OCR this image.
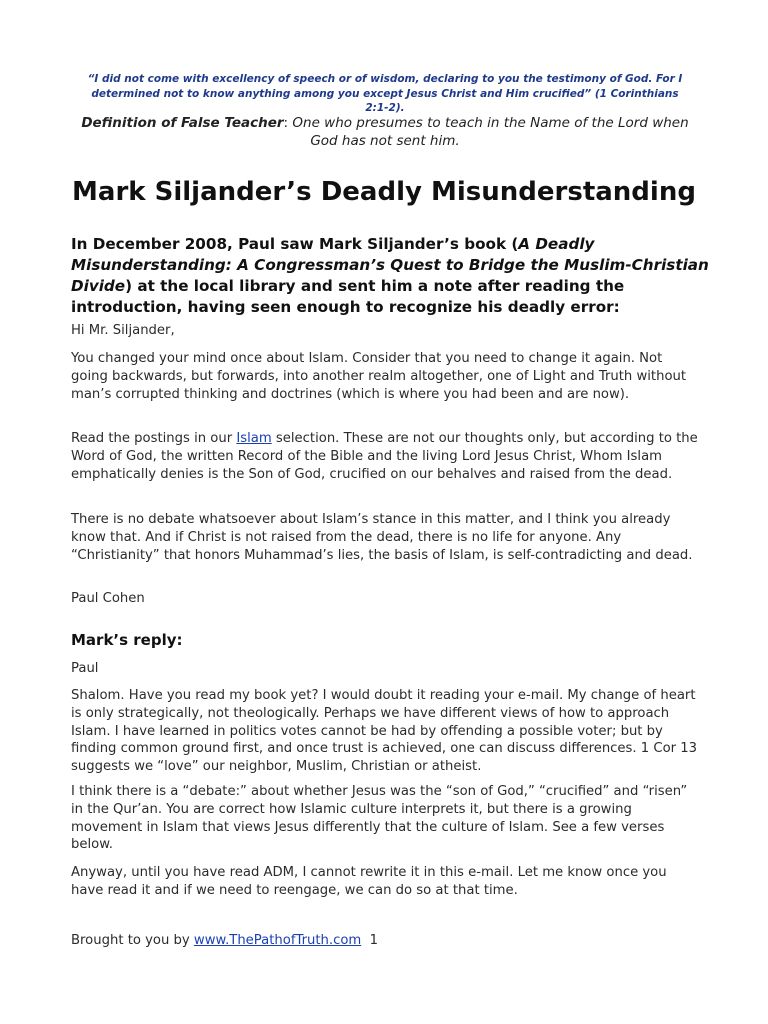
“I did not come with excellency of speech or of wisdom, declaring to you the testimony of God. For I
determined not to know anything among you except Jesus Christ and Him crucified” (1 Corinthians 2:1-2).
Definition of False Teacher: One who presumes to teach in the Name of the Lord when God has not sent him.
Mark Siljander’s Deadly Misunderstanding
In December 2008, Paul saw Mark Siljander’s book (A Deadly Misunderstanding: A Congressman’s Quest to Bridge the Muslim-Christian Divide) at the local library and sent him a note after reading the introduction, having seen enough to recognize his deadly error:

Hi Mr. Siljander,

You changed your mind once about Islam. Consider that you need to change it again. Not going backwards, but forwards, into another realm altogether, one of Light and Truth without man’s corrupted thinking and doctrines (which is where you had been and are now).

Read the postings in our Islam selection. These are not our thoughts only, but according to the Word of God, the written Record of the Bible and the living Lord Jesus Christ, Whom Islam emphatically denies is the Son of God, crucified on our behalves and raised from the dead.

There is no debate whatsoever about Islam’s stance in this matter, and I think you already know that. And if Christ is not raised from the dead, there is no life for anyone. Any “Christianity” that honors Muhammad’s lies, the basis of Islam, is self-contradicting and dead.

Paul Cohen

Mark’s reply:

Paul

Shalom. Have you read my book yet? I would doubt it reading your e-mail. My change of heart is only strategically, not theologically. Perhaps we have different views of how to approach Islam. I have learned in politics votes cannot be had by offending a possible voter; but by finding common ground first, and once trust is achieved, one can discuss differences. 1 Cor 13 suggests we “love” our neighbor, Muslim, Christian or atheist.

I think there is a “debate:” about whether Jesus was the “son of God,” “crucified” and “risen” in the Qur’an. You are correct how Islamic culture interprets it, but there is a growing movement in Islam that views Jesus differently that the culture of Islam. See a few verses below.

Anyway, until you have read ADM, I cannot rewrite it in this e-mail. Let me know once you have read it and if we need to reengage, we can do so at that time.

Brought to you by www.ThePathofTruth.com 1
